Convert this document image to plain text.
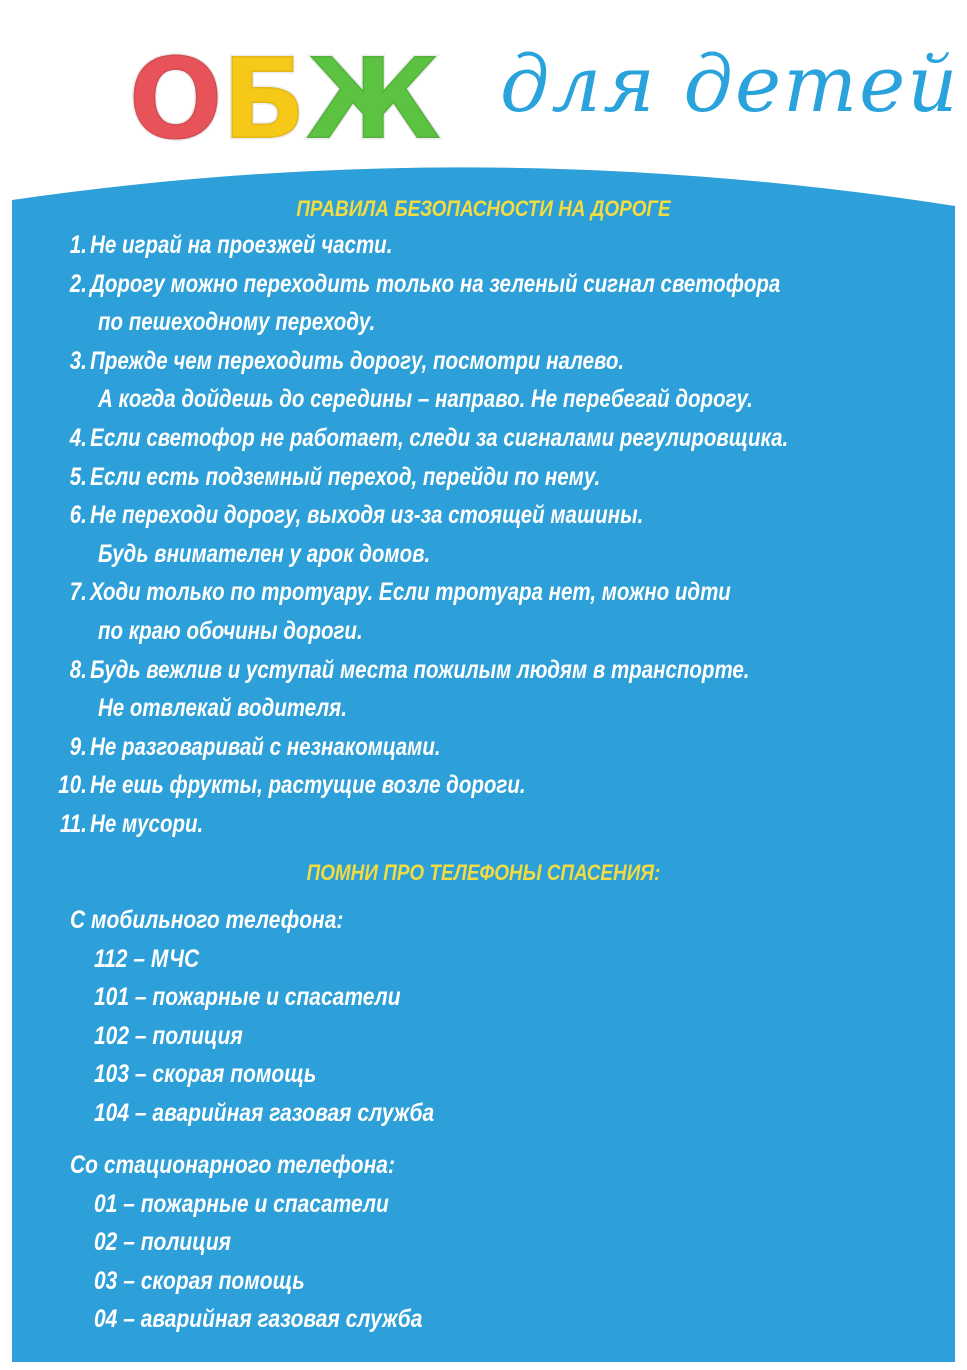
О Б Ж для детей
ПРАВИЛА БЕЗОПАСНОСТИ НА ДОРОГЕ
1. Не играй на проезжей части.
2. Дорогу можно переходить только на зеленый сигнал светофора
по пешеходному переходу.
3. Прежде чем переходить дорогу, посмотри налево.
А когда дойдешь до середины – направо. Не перебегай дорогу.
4. Если светофор не работает, следи за сигналами регулировщика.
5. Если есть подземный переход, перейди по нему.
6. Не переходи дорогу, выходя из-за стоящей машины.
Будь внимателен у арок домов.
7. Ходи только по тротуару. Если тротуара нет, можно идти
по краю обочины дороги.
8. Будь вежлив и уступай места пожилым людям в транспорте.
Не отвлекай водителя.
9. Не разговаривай с незнакомцами.
10. Не ешь фрукты, растущие возле дороги.
11. Не мусори.
ПОМНИ ПРО ТЕЛЕФОНЫ СПАСЕНИЯ:
С мобильного телефона:
112 – МЧС
101 – пожарные и спасатели
102 – полиция
103 – скорая помощь
104 – аварийная газовая служба
Со стационарного телефона:
01 – пожарные и спасатели
02 – полиция
03 – скорая помощь
04 – аварийная газовая служба
